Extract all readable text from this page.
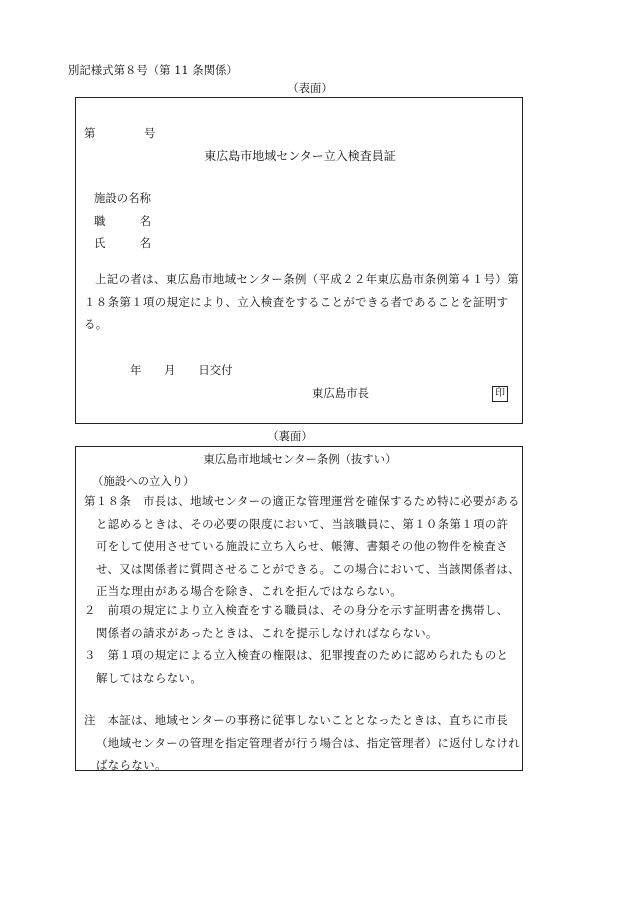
別記様式第８号（第 11 条関係）
（表面）
第	号
東広島市地域センター立入検査員証
施設の名称
職　　　名
氏　　　名
上記の者は、東広島市地域センター条例（平成２２年東広島市条例第４１号）第１８条第１項の規定により、立入検査をすることができる者であることを証明する。
年　　月　　日交付
東広島市長	印
（裏面）
東広島市地域センター条例（抜すい）
（施設への立入り）
第１８条　市長は、地域センターの適正な管理運営を確保するため特に必要があると認めるときは、その必要の限度において、当該職員に、第１０条第１項の許可をして使用させている施設に立ち入らせ、帳簿、書類その他の物件を検査させ、又は関係者に質問させることができる。この場合において、当該関係者は、正当な理由がある場合を除き、これを拒んではならない。
２　前項の規定により立入検査をする職員は、その身分を示す証明書を携帯し、関係者の請求があったときは、これを提示しなければならない。
３　第１項の規定による立入検査の権限は、犯罪捜査のために認められたものと解してはならない。
注　本証は、地域センターの事務に従事しないこととなったときは、直ちに市長（地域センターの管理を指定管理者が行う場合は、指定管理者）に返付しなければならない。
